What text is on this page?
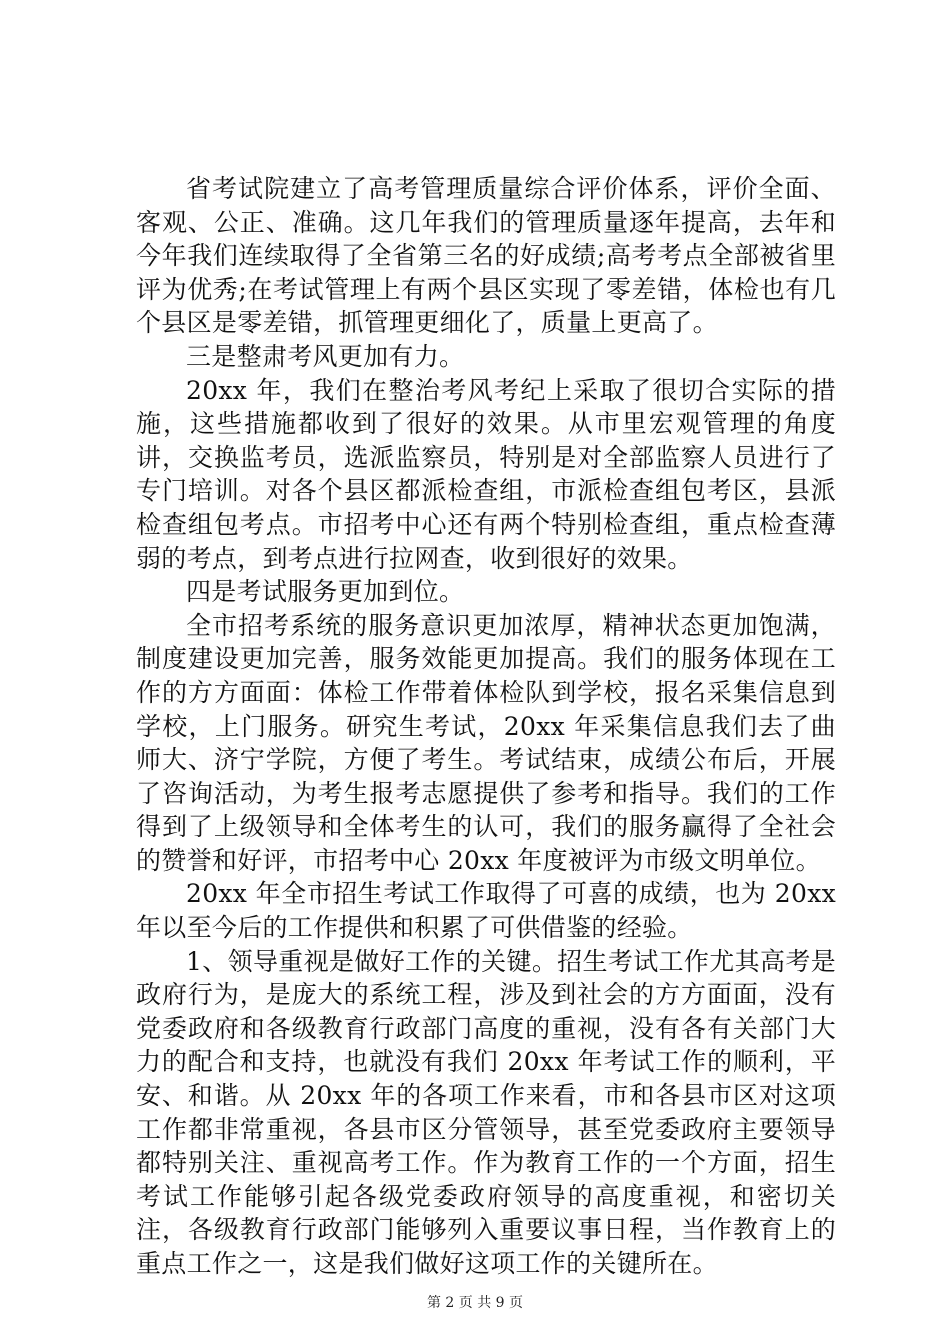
省考试院建立了高考管理质量综合评价体系，评价全面、客观、公正、准确。这几年我们的管理质量逐年提高，去年和今年我们连续取得了全省第三名的好成绩;高考考点全部被省里评为优秀;在考试管理上有两个县区实现了零差错，体检也有几个县区是零差错，抓管理更细化了，质量上更高了。

三是整肃考风更加有力。

20xx 年，我们在整治考风考纪上采取了很切合实际的措施，这些措施都收到了很好的效果。从市里宏观管理的角度讲，交换监考员，选派监察员，特别是对全部监察人员进行了专门培训。对各个县区都派检查组，市派检查组包考区，县派检查组包考点。市招考中心还有两个特别检查组，重点检查薄弱的考点，到考点进行拉网查，收到很好的效果。

四是考试服务更加到位。

全市招考系统的服务意识更加浓厚，精神状态更加饱满，制度建设更加完善，服务效能更加提高。我们的服务体现在工作的方方面面：体检工作带着体检队到学校，报名采集信息到学校，上门服务。研究生考试，20xx 年采集信息我们去了曲师大、济宁学院，方便了考生。考试结束，成绩公布后，开展了咨询活动，为考生报考志愿提供了参考和指导。我们的工作得到了上级领导和全体考生的认可，我们的服务赢得了全社会的赞誉和好评，市招考中心 20xx 年度被评为市级文明单位。

20xx 年全市招生考试工作取得了可喜的成绩，也为 20xx 年以至今后的工作提供和积累了可供借鉴的经验。

1、领导重视是做好工作的关键。招生考试工作尤其高考是政府行为，是庞大的系统工程，涉及到社会的方方面面，没有党委政府和各级教育行政部门高度的重视，没有各有关部门大力的配合和支持，也就没有我们 20xx 年考试工作的顺利，平安、和谐。从 20xx 年的各项工作来看，市和各县市区对这项工作都非常重视，各县市区分管领导，甚至党委政府主要领导都特别关注、重视高考工作。作为教育工作的一个方面，招生考试工作能够引起各级党委政府领导的高度重视，和密切关注，各级教育行政部门能够列入重要议事日程，当作教育上的重点工作之一，这是我们做好这项工作的关键所在。

第 2 页 共 9 页
